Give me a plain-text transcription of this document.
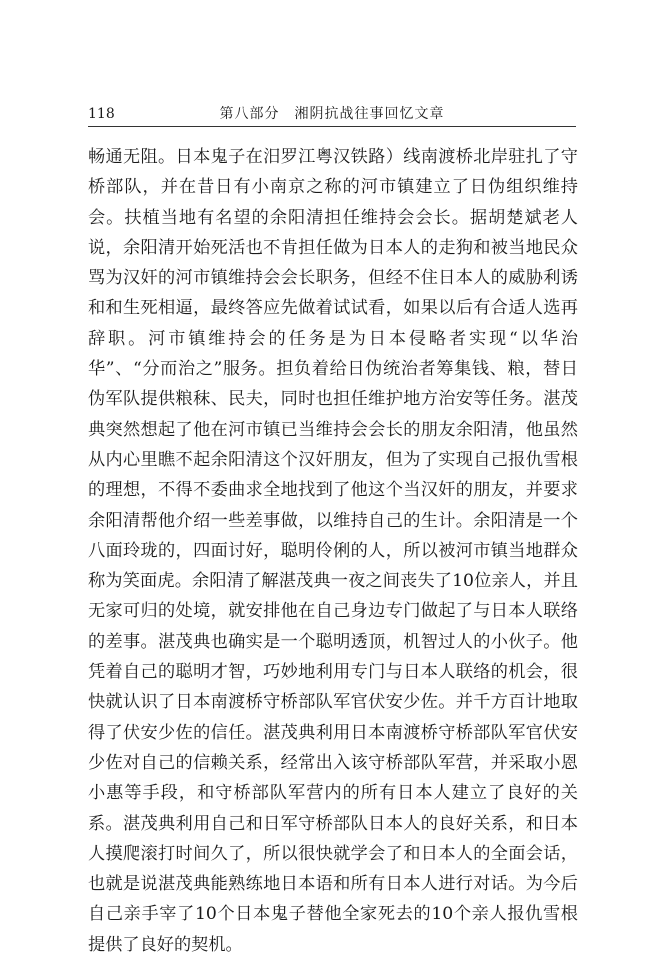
118	第八部分　湘阴抗战往事回忆文章

畅通无阻。日本鬼子在汨罗江粤汉铁路）线南渡桥北岸驻扎了守桥部队，并在昔日有小南京之称的河市镇建立了日伪组织维持会。扶植当地有名望的余阳清担任维持会会长。据胡楚斌老人说，余阳清开始死活也不肯担任做为日本人的走狗和被当地民众骂为汉奸的河市镇维持会会长职务，但经不住日本人的威胁利诱和和生死相逼，最终答应先做着试试看，如果以后有合适人选再辞职。河市镇维持会的任务是为日本侵略者实现“以华治华”、“分而治之”服务。担负着给日伪统治者筹集钱、粮，替日伪军队提供粮秣、民夫，同时也担任维护地方治安等任务。湛茂典突然想起了他在河市镇已当维持会会长的朋友余阳清，他虽然从内心里瞧不起余阳清这个汉奸朋友，但为了实现自己报仇雪根的理想，不得不委曲求全地找到了他这个当汉奸的朋友，并要求余阳清帮他介绍一些差事做，以维持自己的生计。余阳清是一个八面玲珑的，四面讨好，聪明伶俐的人，所以被河市镇当地群众称为笑面虎。余阳清了解湛茂典一夜之间丧失了10位亲人，并且无家可归的处境，就安排他在自己身边专门做起了与日本人联络的差事。湛茂典也确实是一个聪明透顶，机智过人的小伙子。他凭着自己的聪明才智，巧妙地利用专门与日本人联络的机会，很快就认识了日本南渡桥守桥部队军官伏安少佐。并千方百计地取得了伏安少佐的信任。湛茂典利用日本南渡桥守桥部队军官伏安少佐对自己的信赖关系，经常出入该守桥部队军营，并采取小恩小惠等手段，和守桥部队军营内的所有日本人建立了良好的关系。湛茂典利用自己和日军守桥部队日本人的良好关系，和日本人摸爬滚打时间久了，所以很快就学会了和日本人的全面会话，也就是说湛茂典能熟练地日本语和所有日本人进行对话。为今后自己亲手宰了10个日本鬼子替他全家死去的10个亲人报仇雪根提供了良好的契机。
